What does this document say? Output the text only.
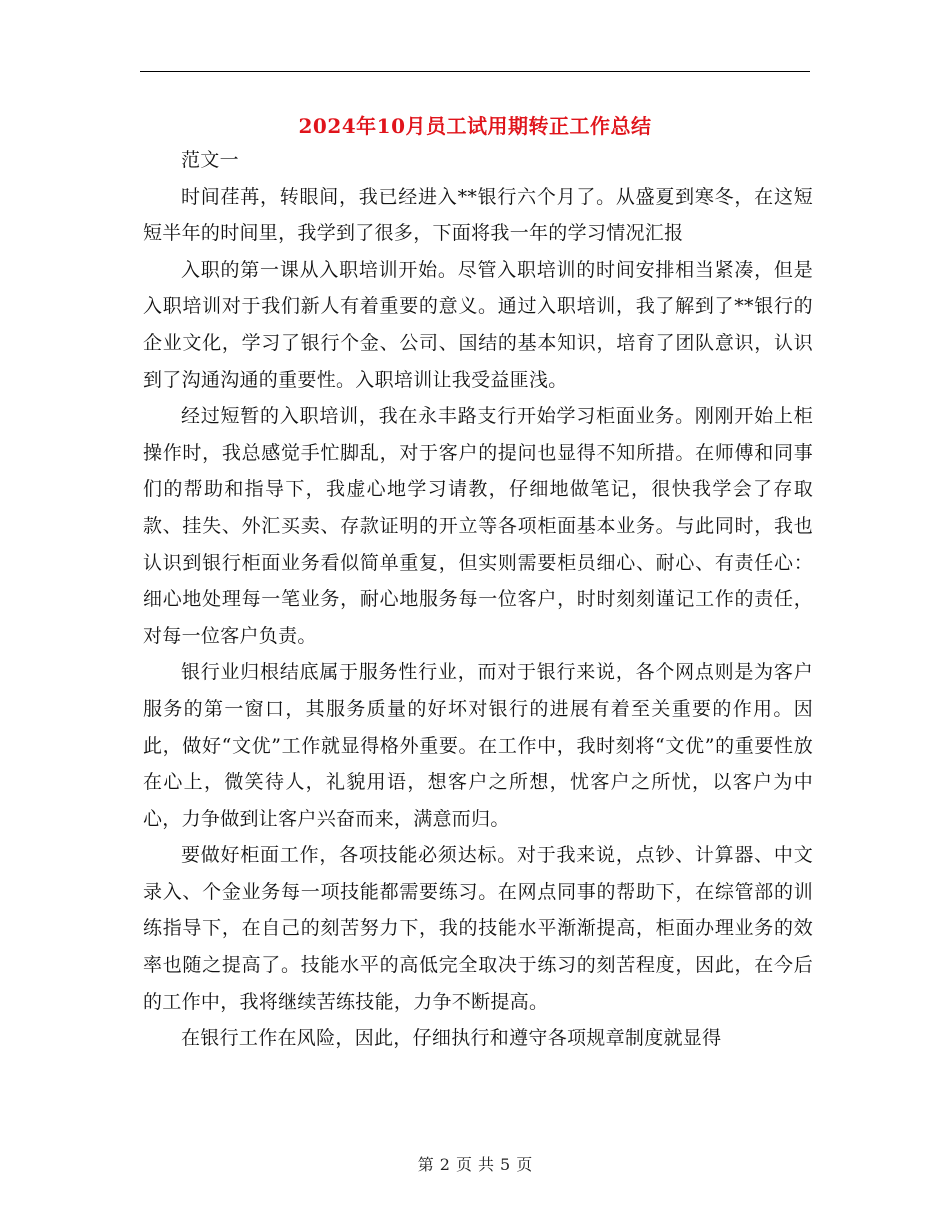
2024年10月员工试用期转正工作总结

范文一

时间荏苒，转眼间，我已经进入**银行六个月了。从盛夏到寒冬，在这短短半年的时间里，我学到了很多，下面将我一年的学习情况汇报

入职的第一课从入职培训开始。尽管入职培训的时间安排相当紧凑，但是入职培训对于我们新人有着重要的意义。通过入职培训，我了解到了**银行的企业文化，学习了银行个金、公司、国结的基本知识，培育了团队意识，认识到了沟通沟通的重要性。入职培训让我受益匪浅。

经过短暂的入职培训，我在永丰路支行开始学习柜面业务。刚刚开始上柜操作时，我总感觉手忙脚乱，对于客户的提问也显得不知所措。在师傅和同事们的帮助和指导下，我虚心地学习请教，仔细地做笔记，很快我学会了存取款、挂失、外汇买卖、存款证明的开立等各项柜面基本业务。与此同时，我也认识到银行柜面业务看似简单重复，但实则需要柜员细心、耐心、有责任心：细心地处理每一笔业务，耐心地服务每一位客户，时时刻刻谨记工作的责任，对每一位客户负责。

银行业归根结底属于服务性行业，而对于银行来说，各个网点则是为客户服务的第一窗口，其服务质量的好坏对银行的进展有着至关重要的作用。因此，做好“文优”工作就显得格外重要。在工作中，我时刻将“文优”的重要性放在心上，微笑待人，礼貌用语，想客户之所想，忧客户之所忧，以客户为中心，力争做到让客户兴奋而来，满意而归。

要做好柜面工作，各项技能必须达标。对于我来说，点钞、计算器、中文录入、个金业务每一项技能都需要练习。在网点同事的帮助下，在综管部的训练指导下，在自己的刻苦努力下，我的技能水平渐渐提高，柜面办理业务的效率也随之提高了。技能水平的高低完全取决于练习的刻苦程度，因此，在今后的工作中，我将继续苦练技能，力争不断提高。

在银行工作在风险，因此，仔细执行和遵守各项规章制度就显得

第 2 页 共 5 页
